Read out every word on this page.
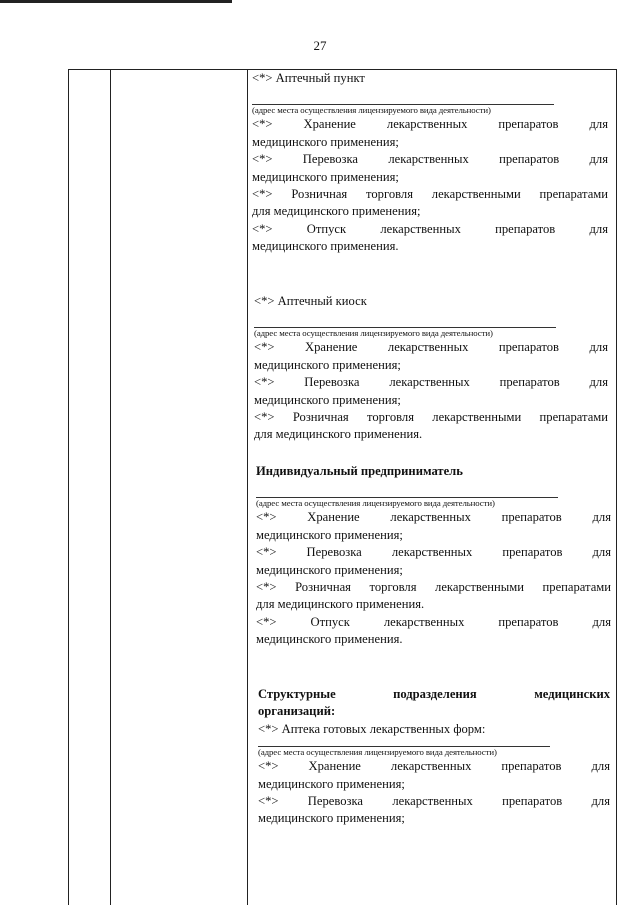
27
<*> Аптечный пункт
(адрес места осуществления лицензируемого вида деятельности)
<*> Хранение лекарственных препаратов для
медицинского применения;
<*> Перевозка лекарственных препаратов для
медицинского применения;
<*> Розничная торговля лекарственными препаратами
для медицинского применения;
<*> Отпуск лекарственных препаратов для
медицинского применения.
<*> Аптечный киоск
(адрес места осуществления лицензируемого вида деятельности)
<*> Хранение лекарственных препаратов для
медицинского применения;
<*> Перевозка лекарственных препаратов для
медицинского применения;
<*> Розничная торговля лекарственными препаратами
для медицинского применения.
Индивидуальный предприниматель
(адрес места осуществления лицензируемого вида деятельности)
<*> Хранение лекарственных препаратов для
медицинского применения;
<*> Перевозка лекарственных препаратов для
медицинского применения;
<*> Розничная торговля лекарственными препаратами
для медицинского применения.
<*> Отпуск лекарственных препаратов для
медицинского применения.
Структурные подразделения медицинских
организаций:
<*> Аптека готовых лекарственных форм:
(адрес места осуществления лицензируемого вида деятельности)
<*> Хранение лекарственных препаратов для
медицинского применения;
<*> Перевозка лекарственных препаратов для
медицинского применения;
